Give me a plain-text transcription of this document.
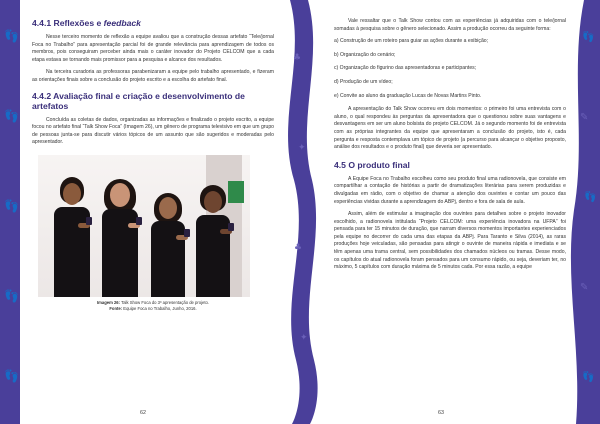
👣
👣
👣
👣
👣
4.4.1 Reflexões e feedback

Nesse terceiro momento de reflexão a equipe avaliou que a construção dessas artefato “Tele/jornal Foca no Trabalho” para apresentação parcial foi de grande relevância para aprendizagem de todos os membros, pois conseguiram perceber ainda mais o caráter inovador do Projeto CELCOM que a cada etapa estava se tornando mais promissor para a pesquisa e alcance dos resultados.

Na terceira curadoria as professoras parabenizaram a equipe pelo trabalho apresentado, e fizeram as orientações finais sobre a conclusão do projeto escrito e a escolha do artefato final.

4.4.2 Avaliação final e criação e desenvolvimento de artefatos

Concluída as coletas de dados, organizadas as informações e finalizado o projeto escrito, a equipe focou no artefato final “Talk Show Foca” (Imagem 26), um gênero de programa televisivo em que um grupo de pessoas junta-se para discutir vários tópicos de um assunto que são sugeridos e moderadas pelo apresentador.

Imagem 26: Talk Show Foca do 3º apresentação de projeto.
Fonte: Equipe Foca no Trabalho, Junho, 2016.

62
♣
✦
♣
✦

Vale ressaltar que o Talk Show contou com as experiências já adquiridas com o tele/jornal somadas à pesquisa sobre o gênero selecionado. Assim a produção ocorreu da seguinte forma:

a) Construção de um roteiro para guiar as ações durante a exibição;

b) Organização do cenário;

c) Organização do figurino das apresentadoras e participantes;

d) Produção de um vídeo;

e) Convite ao aluno da graduação Lucas de Novas Martins Pinto.

A apresentação do Talk Show ocorreu em dois momentos: o primeiro foi uma entrevista com o aluno, o qual respondeu às perguntas da apresentadora que o questionou sobre suas vantagens e desvantagens em ser um aluno bolsista do projeto CELCOM. Já o segundo momento foi de entrevista com as próprias integrantes da equipe que apresentaram a conclusão do projeto, isto é, cada pergunta e resposta contemplava um tópico de projeto (a percurso para alcançar o objetivo proposto, análise dos resultados e o produto final) que deveria ser apresentado.

4.5 O produto final

A Equipe Foca no Trabalho escolheu como seu produto final uma radionovela, que consiste em compartilhar a contação de histórias a partir de dramatizações literárias para serem produzidas e divulgadas em rádio, com o objetivo de chamar a atenção dos ouvintes e contar um pouco das experiências vividas durante a aprendizagem do ABPj, dentro e fora de sala de aula.

Assim, além de estimular a imaginação dos ouvintes para detalhes sobre o projeto inovador escolhido, a radionovela intitulada “Projeto CELCOM: uma experiência inovadora na UFPA” foi pensada para ter 15 minutos de duração, que narram diversos momentos importantes experienciados pela equipe no decorrer do cada uma das etapas da ABPj. Para Taranto e Silva (2014), as raras produções hoje veiculadas, são pensadas para atingir o ouvinte de maneira rápida e imediata e se têm apenas uma trama central, sem possibilidades dos chamados núcleos ou tramas. Desse modo, os capítulos do atual radionovela foram pensados para um consumo rápido, ou seja, deveriam ter, no máximo, 5 capítulos com duração máxima de 5 minutos cada. Por essa razão, a equipe

63
👣
✎
👣
✎
👣
